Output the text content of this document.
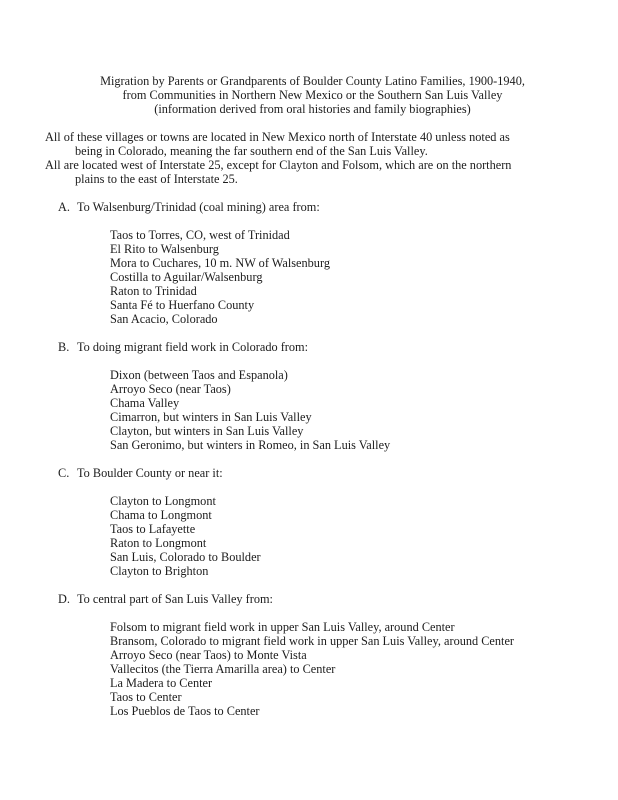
Migration by Parents or Grandparents of Boulder County Latino Families, 1900-1940,
from Communities in Northern New Mexico or the Southern San Luis Valley
(information derived from oral histories and family biographies)
All of these villages or towns are located in New Mexico north of Interstate 40 unless noted as
being in Colorado, meaning the far southern end of the San Luis Valley.
All are located west of Interstate 25, except for Clayton and Folsom, which are on the northern
plains to the east of Interstate 25.
A. To Walsenburg/Trinidad (coal mining) area from:
Taos to Torres, CO, west of Trinidad
El Rito to Walsenburg
Mora to Cuchares, 10 m. NW of Walsenburg
Costilla to Aguilar/Walsenburg
Raton to Trinidad
Santa Fé to Huerfano County
San Acacio, Colorado
B. To doing migrant field work in Colorado from:
Dixon (between Taos and Espanola)
Arroyo Seco (near Taos)
Chama Valley
Cimarron, but winters in San Luis Valley
Clayton, but winters in San Luis Valley
San Geronimo, but winters in Romeo, in San Luis Valley
C. To Boulder County or near it:
Clayton to Longmont
Chama to Longmont
Taos to Lafayette
Raton to Longmont
San Luis, Colorado to Boulder
Clayton to Brighton
D. To central part of San Luis Valley from:
Folsom to migrant field work in upper San Luis Valley, around Center
Bransom, Colorado to migrant field work in upper San Luis Valley, around Center
Arroyo Seco (near Taos) to Monte Vista
Vallecitos (the Tierra Amarilla area) to Center
La Madera to Center
Taos to Center
Los Pueblos de Taos to Center
